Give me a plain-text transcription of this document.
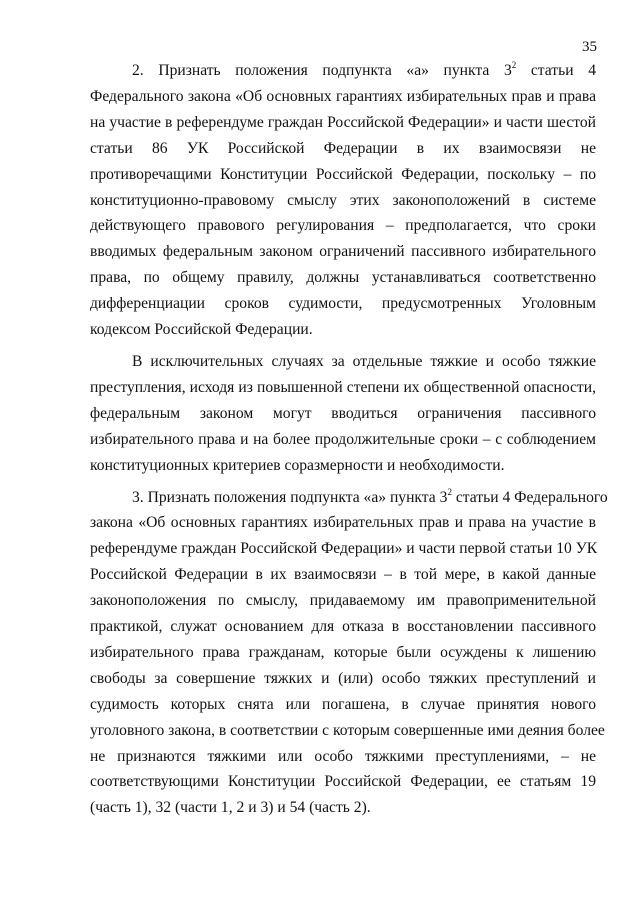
35

2. Признать положения подпункта «а» пункта $3^2$ статьи 4
Федерального закона «Об основных гарантиях избирательных прав и права
на участие в референдуме граждан Российской Федерации» и части шестой
статьи 86 УК Российской Федерации в их взаимосвязи не
противоречащими Конституции Российской Федерации, поскольку – по
конституционно-правовому смыслу этих законоположений в системе
действующего правового регулирования – предполагается, что сроки
вводимых федеральным законом ограничений пассивного избирательного
права, по общему правилу, должны устанавливаться соответственно
дифференциации сроков судимости, предусмотренных Уголовным
кодексом Российской Федерации.

В исключительных случаях за отдельные тяжкие и особо тяжкие
преступления, исходя из повышенной степени их общественной опасности,
федеральным законом могут вводиться ограничения пассивного
избирательного права и на более продолжительные сроки – с соблюдением
конституционных критериев соразмерности и необходимости.

3. Признать положения подпункта «а» пункта $3^2$ статьи 4 Федерального
закона «Об основных гарантиях избирательных прав и права на участие в
референдуме граждан Российской Федерации» и части первой статьи 10 УК
Российской Федерации в их взаимосвязи – в той мере, в какой данные
законоположения по смыслу, придаваемому им правоприменительной
практикой, служат основанием для отказа в восстановлении пассивного
избирательного права гражданам, которые были осуждены к лишению
свободы за совершение тяжких и (или) особо тяжких преступлений и
судимость которых снята или погашена, в случае принятия нового
уголовного закона, в соответствии с которым совершенные ими деяния более
не признаются тяжкими или особо тяжкими преступлениями, – не
соответствующими Конституции Российской Федерации, ее статьям 19
(часть 1), 32 (части 1, 2 и 3) и 54 (часть 2).
